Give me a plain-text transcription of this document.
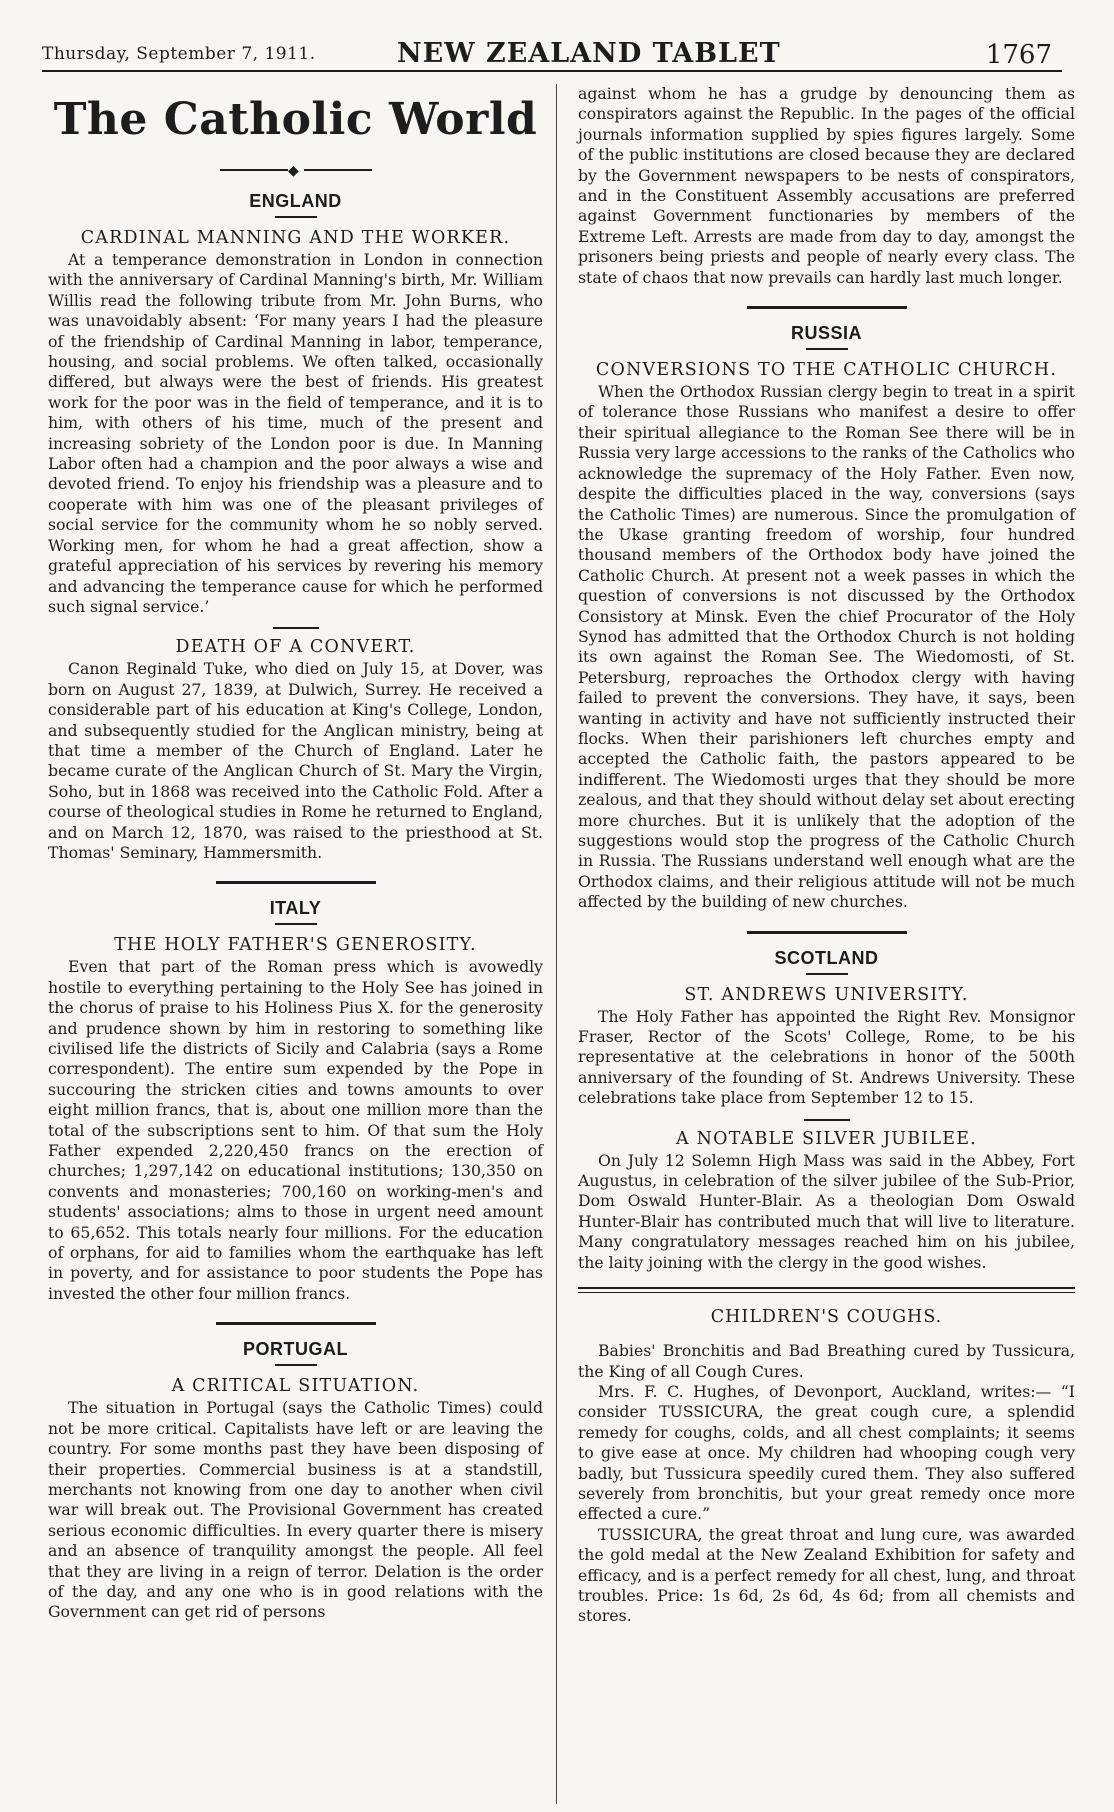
Thursday, September 7, 1911.	NEW ZEALAND TABLET	1767
The Catholic World
◆
ENGLAND
CARDINAL MANNING AND THE WORKER.

At a temperance demonstration in London in connection with the anniversary of Cardinal Manning's birth, Mr. William Willis read the following tribute from Mr. John Burns, who was unavoidably absent: ‘For many years I had the pleasure of the friendship of Cardinal Manning in labor, temperance, housing, and social problems. We often talked, occasionally differed, but always were the best of friends. His greatest work for the poor was in the field of temperance, and it is to him, with others of his time, much of the present and increasing sobriety of the London poor is due. In Manning Labor often had a champion and the poor always a wise and devoted friend. To enjoy his friendship was a pleasure and to cooperate with him was one of the pleasant privileges of social service for the community whom he so nobly served. Working men, for whom he had a great affection, show a grateful appreciation of his services by revering his memory and advancing the temperance cause for which he performed such signal service.’

DEATH OF A CONVERT.

Canon Reginald Tuke, who died on July 15, at Dover, was born on August 27, 1839, at Dulwich, Surrey. He received a considerable part of his education at King's College, London, and subsequently studied for the Anglican ministry, being at that time a member of the Church of England. Later he became curate of the Anglican Church of St. Mary the Virgin, Soho, but in 1868 was received into the Catholic Fold. After a course of theological studies in Rome he returned to England, and on March 12, 1870, was raised to the priesthood at St. Thomas' Seminary, Hammersmith.

ITALY
THE HOLY FATHER'S GENEROSITY.

Even that part of the Roman press which is avowedly hostile to everything pertaining to the Holy See has joined in the chorus of praise to his Holiness Pius X. for the generosity and prudence shown by him in restoring to something like civilised life the districts of Sicily and Calabria (says a Rome correspondent). The entire sum expended by the Pope in succouring the stricken cities and towns amounts to over eight million francs, that is, about one million more than the total of the subscriptions sent to him. Of that sum the Holy Father expended 2,220,450 francs on the erection of churches; 1,297,142 on educational institutions; 130,350 on convents and monasteries; 700,160 on working-men's and students' associations; alms to those in urgent need amount to 65,652. This totals nearly four millions. For the education of orphans, for aid to families whom the earthquake has left in poverty, and for assistance to poor students the Pope has invested the other four million francs.

PORTUGAL
A CRITICAL SITUATION.

The situation in Portugal (says the Catholic Times) could not be more critical. Capitalists have left or are leaving the country. For some months past they have been disposing of their properties. Commercial business is at a standstill, merchants not knowing from one day to another when civil war will break out. The Provisional Government has created serious economic difficulties. In every quarter there is misery and an absence of tranquility amongst the people. All feel that they are living in a reign of terror. Delation is the order of the day, and any one who is in good relations with the Government can get rid of persons

against whom he has a grudge by denouncing them as conspirators against the Republic. In the pages of the official journals information supplied by spies figures largely. Some of the public institutions are closed because they are declared by the Government newspapers to be nests of conspirators, and in the Constituent Assembly accusations are preferred against Government functionaries by members of the Extreme Left. Arrests are made from day to day, amongst the prisoners being priests and people of nearly every class. The state of chaos that now prevails can hardly last much longer.

RUSSIA
CONVERSIONS TO THE CATHOLIC CHURCH.

When the Orthodox Russian clergy begin to treat in a spirit of tolerance those Russians who manifest a desire to offer their spiritual allegiance to the Roman See there will be in Russia very large accessions to the ranks of the Catholics who acknowledge the supremacy of the Holy Father. Even now, despite the difficulties placed in the way, conversions (says the Catholic Times) are numerous. Since the promulgation of the Ukase granting freedom of worship, four hundred thousand members of the Orthodox body have joined the Catholic Church. At present not a week passes in which the question of conversions is not discussed by the Orthodox Consistory at Minsk. Even the chief Procurator of the Holy Synod has admitted that the Orthodox Church is not holding its own against the Roman See. The Wiedomosti, of St. Petersburg, reproaches the Orthodox clergy with having failed to prevent the conversions. They have, it says, been wanting in activity and have not sufficiently instructed their flocks. When their parishioners left churches empty and accepted the Catholic faith, the pastors appeared to be indifferent. The Wiedomosti urges that they should be more zealous, and that they should without delay set about erecting more churches. But it is unlikely that the adoption of the suggestions would stop the progress of the Catholic Church in Russia. The Russians understand well enough what are the Orthodox claims, and their religious attitude will not be much affected by the building of new churches.

SCOTLAND
ST. ANDREWS UNIVERSITY.

The Holy Father has appointed the Right Rev. Monsignor Fraser, Rector of the Scots' College, Rome, to be his representative at the celebrations in honor of the 500th anniversary of the founding of St. Andrews University. These celebrations take place from September 12 to 15.

A NOTABLE SILVER JUBILEE.

On July 12 Solemn High Mass was said in the Abbey, Fort Augustus, in celebration of the silver jubilee of the Sub-Prior, Dom Oswald Hunter-Blair. As a theologian Dom Oswald Hunter-Blair has contributed much that will live to literature. Many congratulatory messages reached him on his jubilee, the laity joining with the clergy in the good wishes.

CHILDREN'S COUGHS.

Babies' Bronchitis and Bad Breathing cured by Tussicura, the King of all Cough Cures.

Mrs. F. C. Hughes, of Devonport, Auckland, writes:— “I consider TUSSICURA, the great cough cure, a splendid remedy for coughs, colds, and all chest complaints; it seems to give ease at once. My children had whooping cough very badly, but Tussicura speedily cured them. They also suffered severely from bronchitis, but your great remedy once more effected a cure.”

TUSSICURA, the great throat and lung cure, was awarded the gold medal at the New Zealand Exhibition for safety and efficacy, and is a perfect remedy for all chest, lung, and throat troubles. Price: 1s 6d, 2s 6d, 4s 6d; from all chemists and stores.
